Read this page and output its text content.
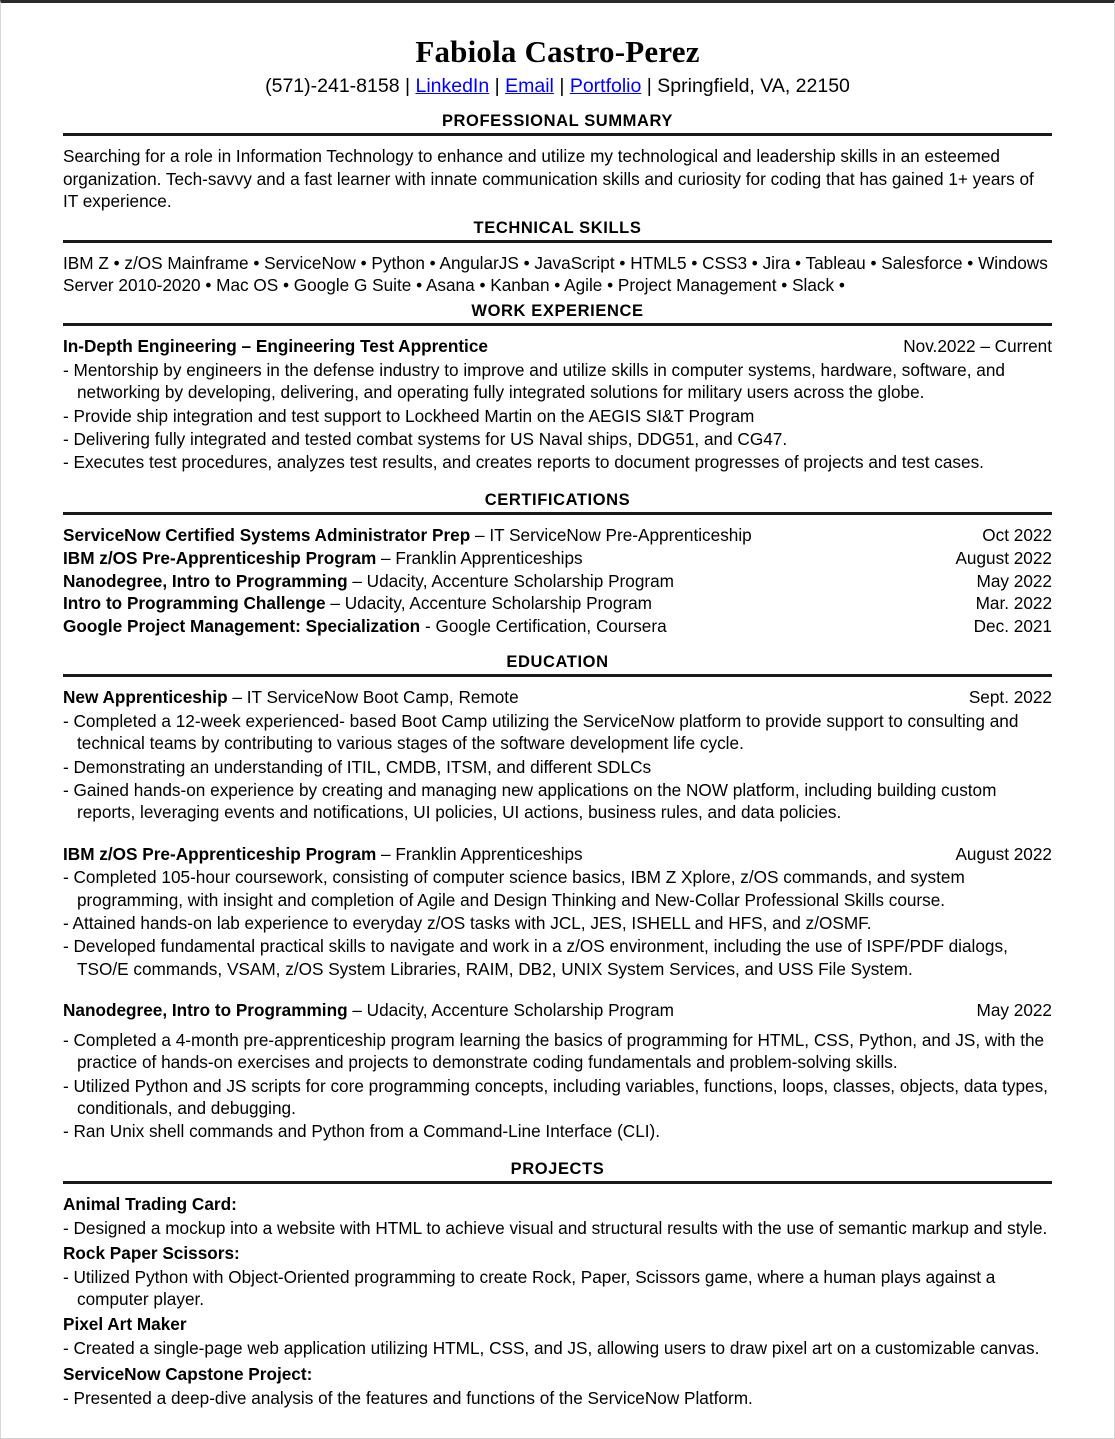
Fabiola Castro-Perez
(571)-241-8158 | LinkedIn | Email | Portfolio | Springfield, VA, 22150
PROFESSIONAL SUMMARY
Searching for a role in Information Technology to enhance and utilize my technological and leadership skills in an esteemed organization. Tech-savvy and a fast learner with innate communication skills and curiosity for coding that has gained 1+ years of IT experience.
TECHNICAL SKILLS
IBM Z • z/OS Mainframe • ServiceNow • Python • AngularJS • JavaScript • HTML5 • CSS3 • Jira • Tableau • Salesforce • Windows Server 2010-2020 • Mac OS • Google G Suite • Asana • Kanban • Agile • Project Management • Slack •
WORK EXPERIENCE
In-Depth Engineering – Engineering Test Apprentice	Nov.2022 – Current
- Mentorship by engineers in the defense industry to improve and utilize skills in computer systems, hardware, software, and networking by developing, delivering, and operating fully integrated solutions for military users across the globe.
- Provide ship integration and test support to Lockheed Martin on the AEGIS SI&T Program
- Delivering fully integrated and tested combat systems for US Naval ships, DDG51, and CG47.
- Executes test procedures, analyzes test results, and creates reports to document progresses of projects and test cases.
CERTIFICATIONS
ServiceNow Certified Systems Administrator Prep – IT ServiceNow Pre-Apprenticeship	Oct 2022
IBM z/OS Pre-Apprenticeship Program – Franklin Apprenticeships	August 2022
Nanodegree, Intro to Programming – Udacity, Accenture Scholarship Program	May 2022
Intro to Programming Challenge – Udacity, Accenture Scholarship Program	Mar. 2022
Google Project Management: Specialization - Google Certification, Coursera	Dec. 2021
EDUCATION
New Apprenticeship – IT ServiceNow Boot Camp, Remote	Sept. 2022
- Completed a 12-week experienced- based Boot Camp utilizing the ServiceNow platform to provide support to consulting and technical teams by contributing to various stages of the software development life cycle.
- Demonstrating an understanding of ITIL, CMDB, ITSM, and different SDLCs
- Gained hands-on experience by creating and managing new applications on the NOW platform, including building custom reports, leveraging events and notifications, UI policies, UI actions, business rules, and data policies.
IBM z/OS Pre-Apprenticeship Program – Franklin Apprenticeships	August 2022
- Completed 105-hour coursework, consisting of computer science basics, IBM Z Xplore, z/OS commands, and system programming, with insight and completion of Agile and Design Thinking and New-Collar Professional Skills course.
- Attained hands-on lab experience to everyday z/OS tasks with JCL, JES, ISHELL and HFS, and z/OSMF.
- Developed fundamental practical skills to navigate and work in a z/OS environment, including the use of ISPF/PDF dialogs, TSO/E commands, VSAM, z/OS System Libraries, RAIM, DB2, UNIX System Services, and USS File System.
Nanodegree, Intro to Programming – Udacity, Accenture Scholarship Program	May 2022
- Completed a 4-month pre-apprenticeship program learning the basics of programming for HTML, CSS, Python, and JS, with the practice of hands-on exercises and projects to demonstrate coding fundamentals and problem-solving skills.
- Utilized Python and JS scripts for core programming concepts, including variables, functions, loops, classes, objects, data types, conditionals, and debugging.
- Ran Unix shell commands and Python from a Command-Line Interface (CLI).
PROJECTS
Animal Trading Card:
- Designed a mockup into a website with HTML to achieve visual and structural results with the use of semantic markup and style.
Rock Paper Scissors:
- Utilized Python with Object-Oriented programming to create Rock, Paper, Scissors game, where a human plays against a computer player.
Pixel Art Maker
- Created a single-page web application utilizing HTML, CSS, and JS, allowing users to draw pixel art on a customizable canvas.
ServiceNow Capstone Project:
- Presented a deep-dive analysis of the features and functions of the ServiceNow Platform.
